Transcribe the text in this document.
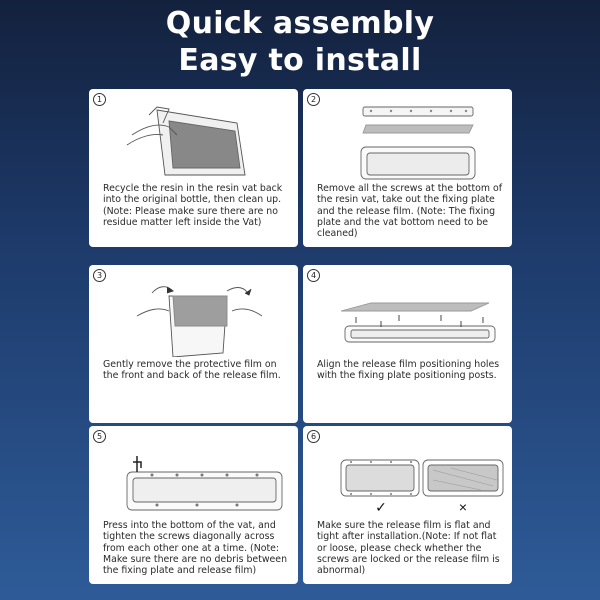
Quick assembly
Easy to install
1
Recycle the resin in the resin vat back into the original bottle, then clean up. (Note: Please make sure there are no residue matter left inside the Vat)
2
Remove all the screws at the bottom of the resin vat, take out the fixing plate and the release film. (Note: The fixing plate and the vat bottom need to be cleaned)
3
Gently remove the protective film on the front and back of the release film.
4
Align the release film positioning holes with the fixing plate positioning posts.
5
Press into the bottom of the vat, and tighten the screws diagonally across from each other one at a time. (Note: Make sure there are no debris between the fixing plate and release film)
6
✓	×
Make sure the release film is flat and tight after installation.(Note: If not flat or loose, please check whether the screws are locked or the release film is abnormal)
